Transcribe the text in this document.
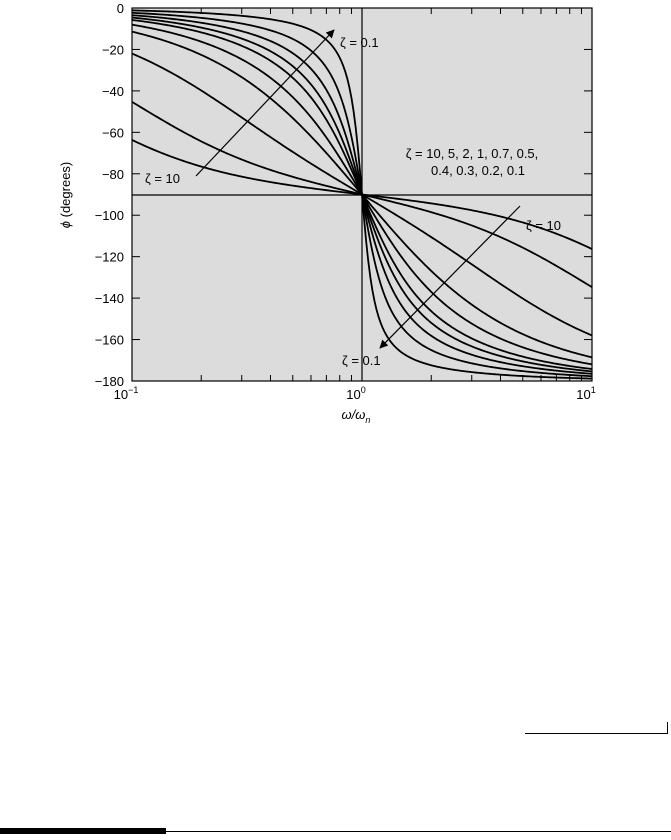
0
−20
−40
−60
−80
−100
−120
−140
−160
−180
$10^{-1}$	$10^0$	$10^1$
$\omega/\omega_n$
ϕ (degrees)
ζ = 0.1
ζ = 10
ζ = 10
ζ = 0.1
ζ = 10, 5, 2, 1, 0.7, 0.5,
0.4, 0.3, 0.2, 0.1
